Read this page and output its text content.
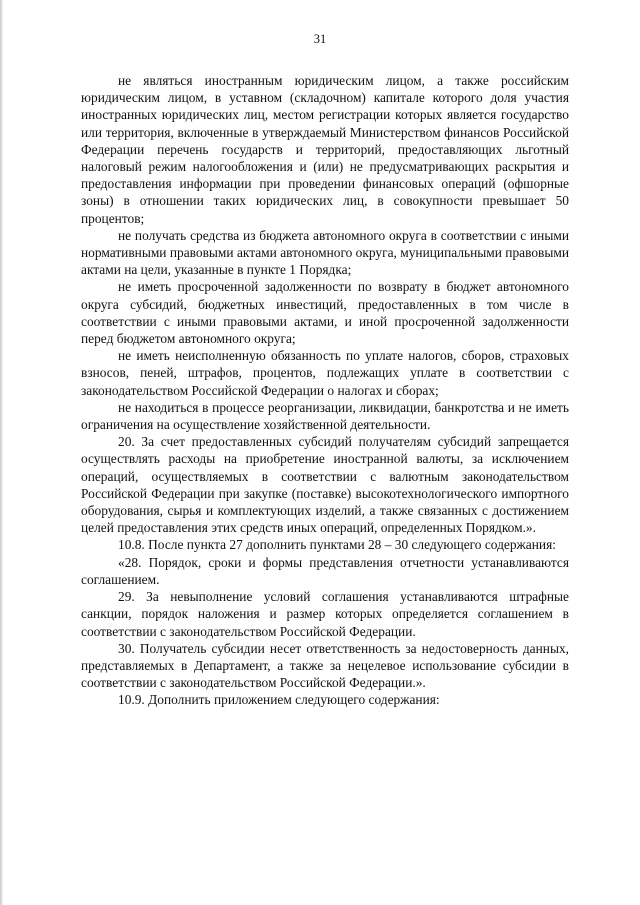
31

не являться иностранным юридическим лицом, а также российским юридическим лицом, в уставном (складочном) капитале которого доля участия иностранных юридических лиц, местом регистрации которых является государство или территория, включенные в утверждаемый Министерством финансов Российской Федерации перечень государств и территорий, предоставляющих льготный налоговый режим налогообложения и (или) не предусматривающих раскрытия и предоставления информации при проведении финансовых операций (офшорные зоны) в отношении таких юридических лиц, в совокупности превышает 50 процентов;

не получать средства из бюджета автономного округа в соответствии с иными нормативными правовыми актами автономного округа, муниципальными правовыми актами на цели, указанные в пункте 1 Порядка;

не иметь просроченной задолженности по возврату в бюджет автономного округа субсидий, бюджетных инвестиций, предоставленных в том числе в соответствии с иными правовыми актами, и иной просроченной задолженности перед бюджетом автономного округа;

не иметь неисполненную обязанность по уплате налогов, сборов, страховых взносов, пеней, штрафов, процентов, подлежащих уплате в соответствии с законодательством Российской Федерации о налогах и сборах;

не находиться в процессе реорганизации, ликвидации, банкротства и не иметь ограничения на осуществление хозяйственной деятельности.

20. За счет предоставленных субсидий получателям субсидий запрещается осуществлять расходы на приобретение иностранной валюты, за исключением операций, осуществляемых в соответствии с валютным законодательством Российской Федерации при закупке (поставке) высокотехнологического импортного оборудования, сырья и комплектующих изделий, а также связанных с достижением целей предоставления этих средств иных операций, определенных Порядком.».

10.8. После пункта 27 дополнить пунктами 28 – 30 следующего содержания:

«28. Порядок, сроки и формы представления отчетности устанавливаются соглашением.

29. За невыполнение условий соглашения устанавливаются штрафные санкции, порядок наложения и размер которых определяется соглашением в соответствии с законодательством Российской Федерации.

30. Получатель субсидии несет ответственность за недостоверность данных, представляемых в Департамент, а также за нецелевое использование субсидии в соответствии с законодательством Российской Федерации.».

10.9. Дополнить приложением следующего содержания:
